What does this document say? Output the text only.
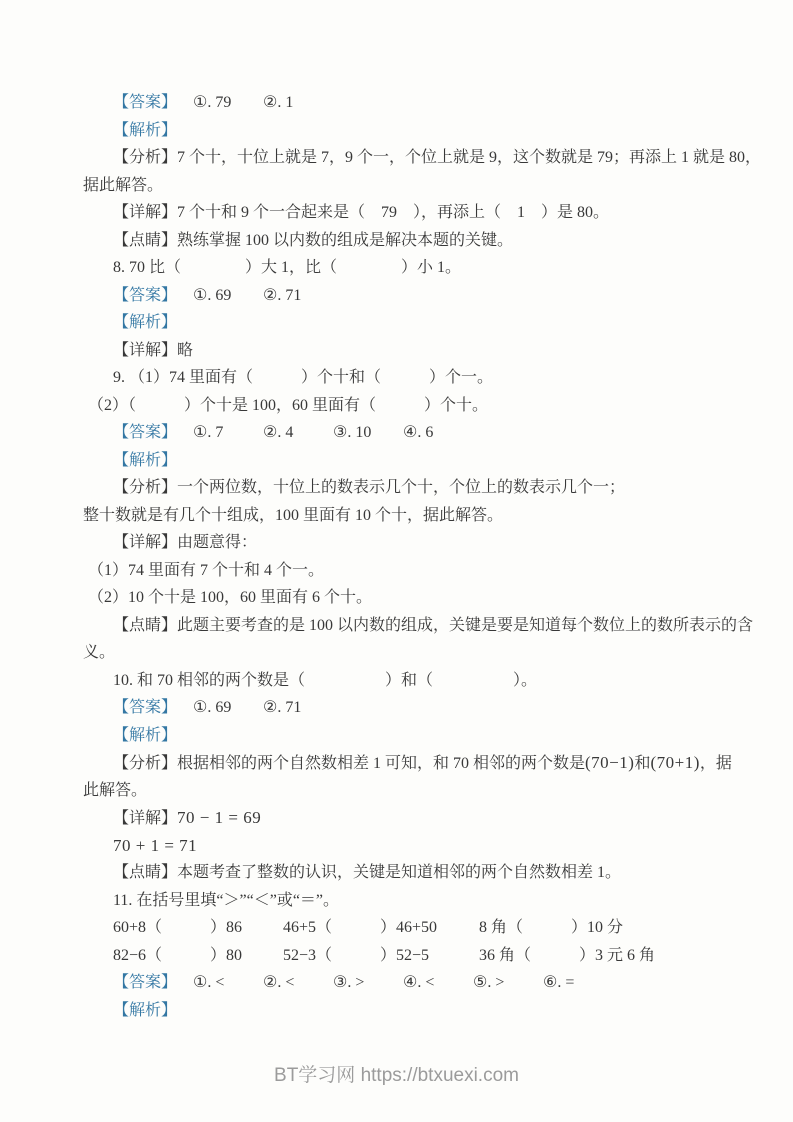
【答案】 ①. 79 ②. 1
【解析】
【分析】7 个十，十位上就是 7，9 个一，个位上就是 9，这个数就是 79；再添上 1 就是 80，
据此解答。
【详解】7 个十和 9 个一合起来是（　79　），再添上（　1　）是 80。
【点睛】熟练掌握 100 以内数的组成是解决本题的关键。
8. 70 比（　　　　）大 1，比（　　　　）小 1。
【答案】 ①. 69 ②. 71
【解析】
【详解】略
9. （1）74 里面有（　　　）个十和（　　　）个一。
（2）（　　　）个十是 100，60 里面有（　　　）个十。
【答案】 ①. 7 ②. 4 ③. 10 ④. 6
【解析】
【分析】一个两位数，十位上的数表示几个十，个位上的数表示几个一；
整十数就是有几个十组成，100 里面有 10 个十，据此解答。
【详解】由题意得：
（1）74 里面有 7 个十和 4 个一。
（2）10 个十是 100，60 里面有 6 个十。
【点睛】此题主要考查的是 100 以内数的组成，关键是要是知道每个数位上的数所表示的含
义。
10. 和 70 相邻的两个数是（　　　　　）和（　　　　　）。
【答案】 ①. 69 ②. 71
【解析】
【分析】根据相邻的两个自然数相差 1 可知，和 70 相邻的两个数是(70−1)和(70+1)，据
此解答。
【详解】70 − 1 = 69
70 + 1 = 71
【点睛】本题考查了整数的认识，关键是知道相邻的两个自然数相差 1。
11. 在括号里填“＞”“＜”或“＝”。
60+8（　　　）86	46+5（　　　）46+50	8 角（　　　）10 分
82−6（　　　）80	52−3（　　　）52−5	36 角（　　　）3 元 6 角
【答案】 ①. < ②. < ③. > ④. < ⑤. > ⑥. =
【解析】
BT学习网 https://btxuexi.com
